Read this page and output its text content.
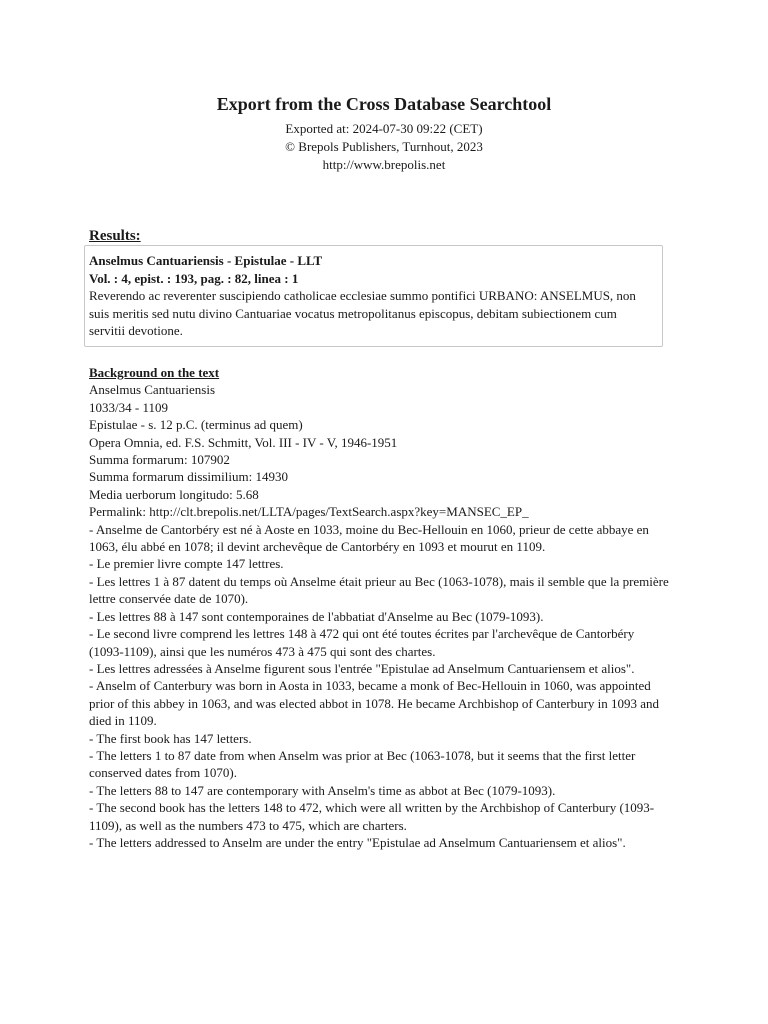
Export from the Cross Database Searchtool
Exported at: 2024-07-30 09:22 (CET)
© Brepols Publishers, Turnhout, 2023
http://www.brepolis.net
Results:
Anselmus Cantuariensis - Epistulae - LLT
Vol. : 4, epist. : 193, pag. : 82, linea : 1
Reverendo ac reverenter suscipiendo catholicae ecclesiae summo pontifici URBANO: ANSELMUS, non suis meritis sed nutu divino Cantuariae vocatus metropolitanus episcopus, debitam subiectionem cum servitii devotione.
Background on the text
Anselmus Cantuariensis
1033/34 - 1109
Epistulae - s. 12 p.C. (terminus ad quem)
Opera Omnia, ed. F.S. Schmitt, Vol. III - IV - V, 1946-1951
Summa formarum: 107902
Summa formarum dissimilium: 14930
Media uerborum longitudo: 5.68
Permalink: http://clt.brepolis.net/LLTA/pages/TextSearch.aspx?key=MANSEC_EP_
- Anselme de Cantorbéry est né à Aoste en 1033, moine du Bec-Hellouin en 1060, prieur de cette abbaye en 1063, élu abbé en 1078; il devint archevêque de Cantorbéry en 1093 et mourut en 1109.
- Le premier livre compte 147 lettres.
- Les lettres 1 à 87 datent du temps où Anselme était prieur au Bec (1063-1078), mais il semble que la première lettre conservée date de 1070).
- Les lettres 88 à 147 sont contemporaines de l'abbatiat d'Anselme au Bec (1079-1093).
- Le second livre comprend les lettres 148 à 472 qui ont été toutes écrites par l'archevêque de Cantorbéry (1093-1109), ainsi que les numéros 473 à 475 qui sont des chartes.
- Les lettres adressées à Anselme figurent sous l'entrée "Epistulae ad Anselmum Cantuariensem et alios".
- Anselm of Canterbury was born in Aosta in 1033, became a monk of Bec-Hellouin in 1060, was appointed prior of this abbey in 1063, and was elected abbot in 1078. He became Archbishop of Canterbury in 1093 and died in 1109.
- The first book has 147 letters.
- The letters 1 to 87 date from when Anselm was prior at Bec (1063-1078, but it seems that the first letter conserved dates from 1070).
- The letters 88 to 147 are contemporary with Anselm's time as abbot at Bec (1079-1093).
- The second book has the letters 148 to 472, which were all written by the Archbishop of Canterbury (1093-1109), as well as the numbers 473 to 475, which are charters.
- The letters addressed to Anselm are under the entry "Epistulae ad Anselmum Cantuariensem et alios".
